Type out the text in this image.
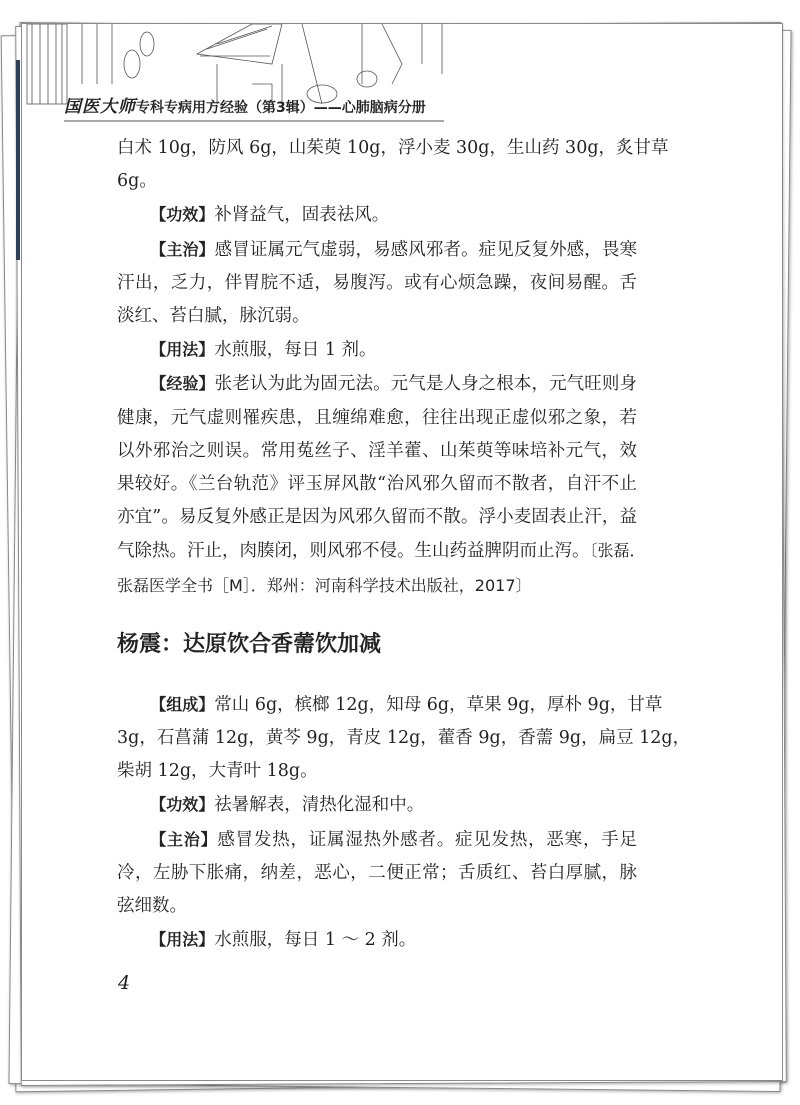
国医大师专科专病用方经验（第3辑）——心肺脑病分册
白术 10g，防风 6g，山茱萸 10g，浮小麦 30g，生山药 30g，炙甘草
6g。
【功效】补肾益气，固表祛风。
【主治】感冒证属元气虚弱，易感风邪者。症见反复外感，畏寒
汗出，乏力，伴胃脘不适，易腹泻。或有心烦急躁，夜间易醒。舌
淡红、苔白腻，脉沉弱。
【用法】水煎服，每日 1 剂。
【经验】张老认为此为固元法。元气是人身之根本，元气旺则身
健康，元气虚则罹疾患，且缠绵难愈，往往出现正虚似邪之象，若
以外邪治之则误。常用菟丝子、淫羊藿、山茱萸等味培补元气，效
果较好。《兰台轨范》评玉屏风散“治风邪久留而不散者，自汗不止
亦宜”。易反复外感正是因为风邪久留而不散。浮小麦固表止汗，益
气除热。汗止，肉腠闭，则风邪不侵。生山药益脾阴而止泻。〔张磊．
张磊医学全书［M］．郑州：河南科学技术出版社，2017〕
杨震：达原饮合香薷饮加减
【组成】常山 6g，槟榔 12g，知母 6g，草果 9g，厚朴 9g，甘草
3g，石菖蒲 12g，黄芩 9g，青皮 12g，藿香 9g，香薷 9g，扁豆 12g，
柴胡 12g，大青叶 18g。
【功效】祛暑解表，清热化湿和中。
【主治】感冒发热，证属湿热外感者。症见发热，恶寒，手足
冷，左胁下胀痛，纳差，恶心，二便正常；舌质红、苔白厚腻，脉
弦细数。
【用法】水煎服，每日 1 ～ 2 剂。
4
